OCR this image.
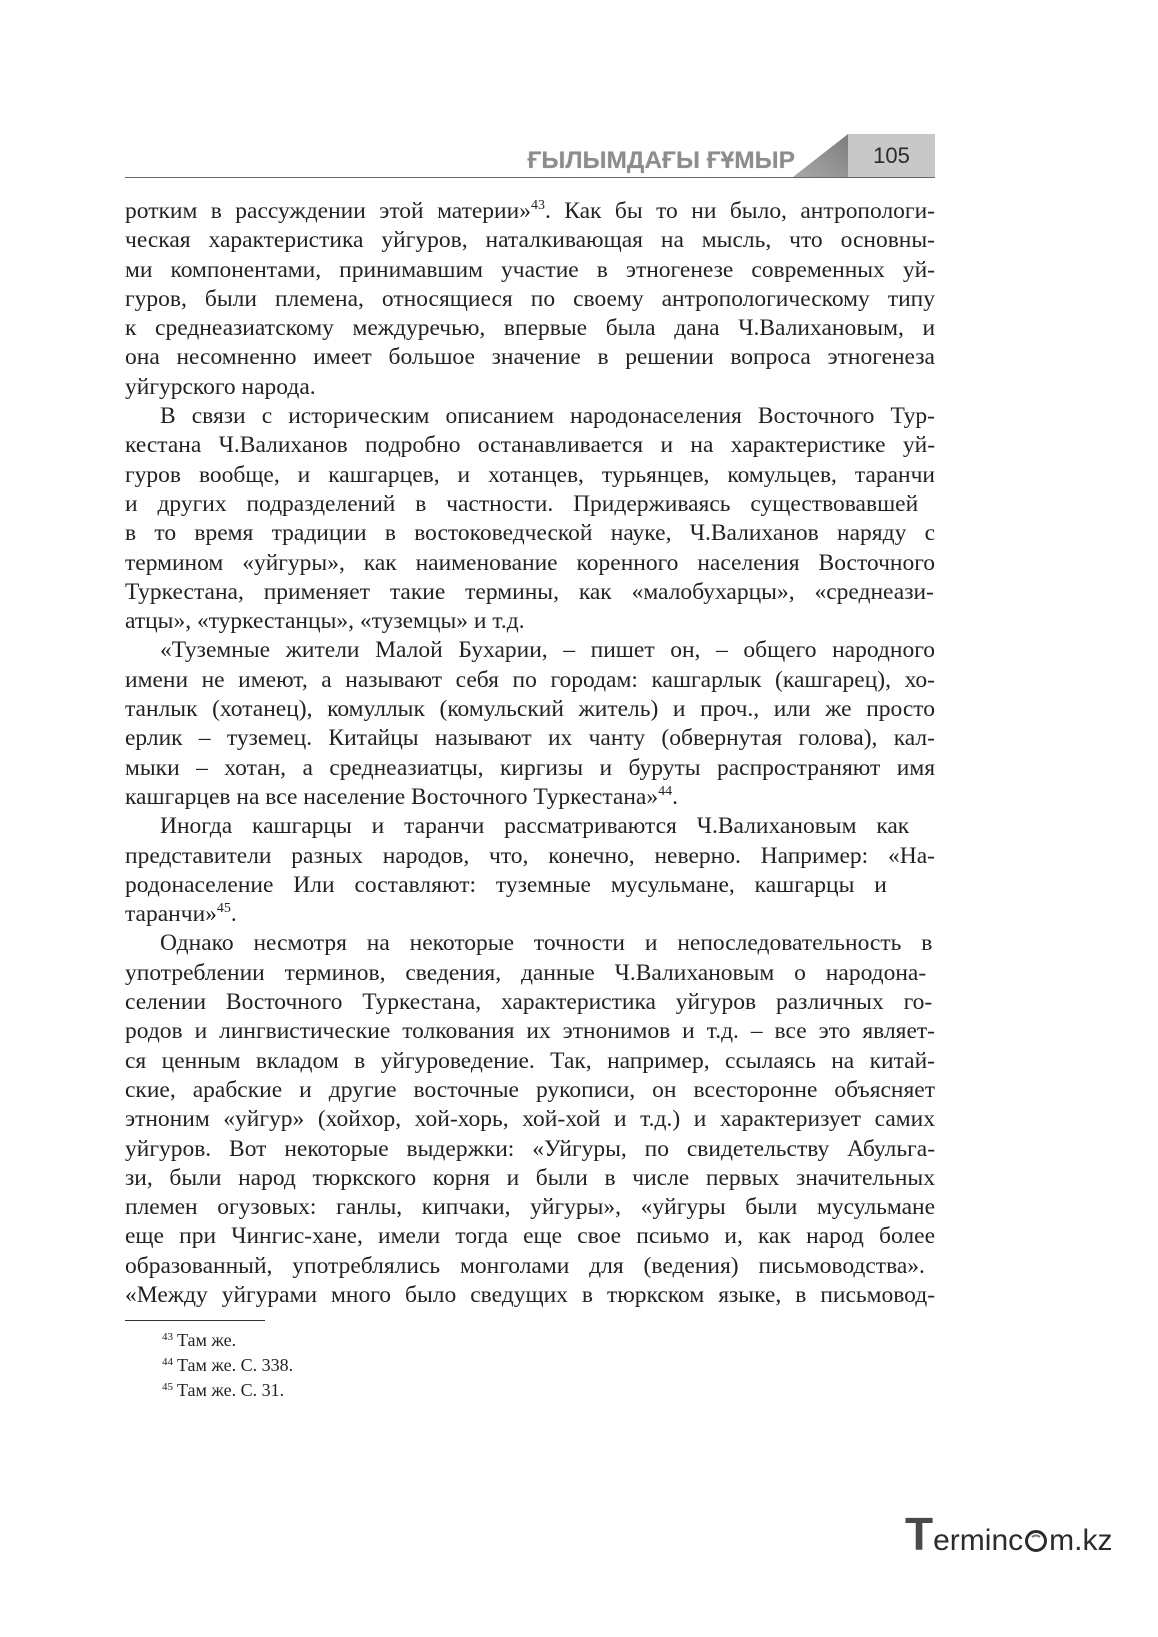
ҒЫЛЫМДАҒЫ ҒҰМЫР	105
ротким в рассуждении этой материи»$^{43}$. Как бы то ни было, антропологи-
ческая характеристика уйгуров, наталкивающая на мысль, что основны-
ми компонентами, принимавшим участие в этногенезе современных уй-
гуров, были племена, относящиеся по своему антропологическому типу
к среднеазиатскому междуречью, впервые была дана Ч.Валихановым, и
она несомненно имеет большое значение в решении вопроса этногенеза
уйгурского народа.
В связи с историческим описанием народонаселения Восточного Тур-
кестана Ч.Валиханов подробно останавливается и на характеристике уй-
гуров вообще, и кашгарцев, и хотанцев, турьянцев, комульцев, таранчи
и других подразделений в частности. Придерживаясь существовавшей
в то время традиции в востоковедческой науке, Ч.Валиханов наряду с
термином «уйгуры», как наименование коренного населения Восточного
Туркестана, применяет такие термины, как «малобухарцы», «среднеази-
атцы», «туркестанцы», «туземцы» и т.д.
«Туземные жители Малой Бухарии, – пишет он, – общего народного
имени не имеют, а называют себя по городам: кашгарлык (кашгарец), хо-
танлык (хотанец), комуллык (комульский житель) и проч., или же просто
ерлик – туземец. Китайцы называют их чанту (обвернутая голова), кал-
мыки – хотан, а среднеазиатцы, киргизы и буруты распространяют имя
кашгарцев на все население Восточного Туркестана»$^{44}$.
Иногда кашгарцы и таранчи рассматриваются Ч.Валихановым как
представители разных народов, что, конечно, неверно. Например: «На-
родонаселение Или составляют: туземные мусульмане, кашгарцы и
таранчи»$^{45}$.
Однако несмотря на некоторые точности и непоследовательность в
употреблении терминов, сведения, данные Ч.Валихановым о народона-
селении Восточного Туркестана, характеристика уйгуров различных го-
родов и лингвистические толкования их этнонимов и т.д. – все это являет-
ся ценным вкладом в уйгуроведение. Так, например, ссылаясь на китай-
ские, арабские и другие восточные рукописи, он всесторонне объясняет
этноним «уйгур» (хойхор, хой-хорь, хой-хой и т.д.) и характеризует самих
уйгуров. Вот некоторые выдержки: «Уйгуры, по свидетельству Абульга-
зи, были народ тюркского корня и были в числе первых значительных
племен огузовых: ганлы, кипчаки, уйгуры», «уйгуры были мусульмане
еще при Чингис-хане, имели тогда еще свое псиьмо и, как народ более
образованный, употреблялись монголами для (ведения) письмоводства».
«Между уйгурами много было сведущих в тюркском языке, в письмовод-
$^{43}$ Там же.
$^{44}$ Там же. С. 338.
$^{45}$ Там же. С. 31.
Terminc m.kz
